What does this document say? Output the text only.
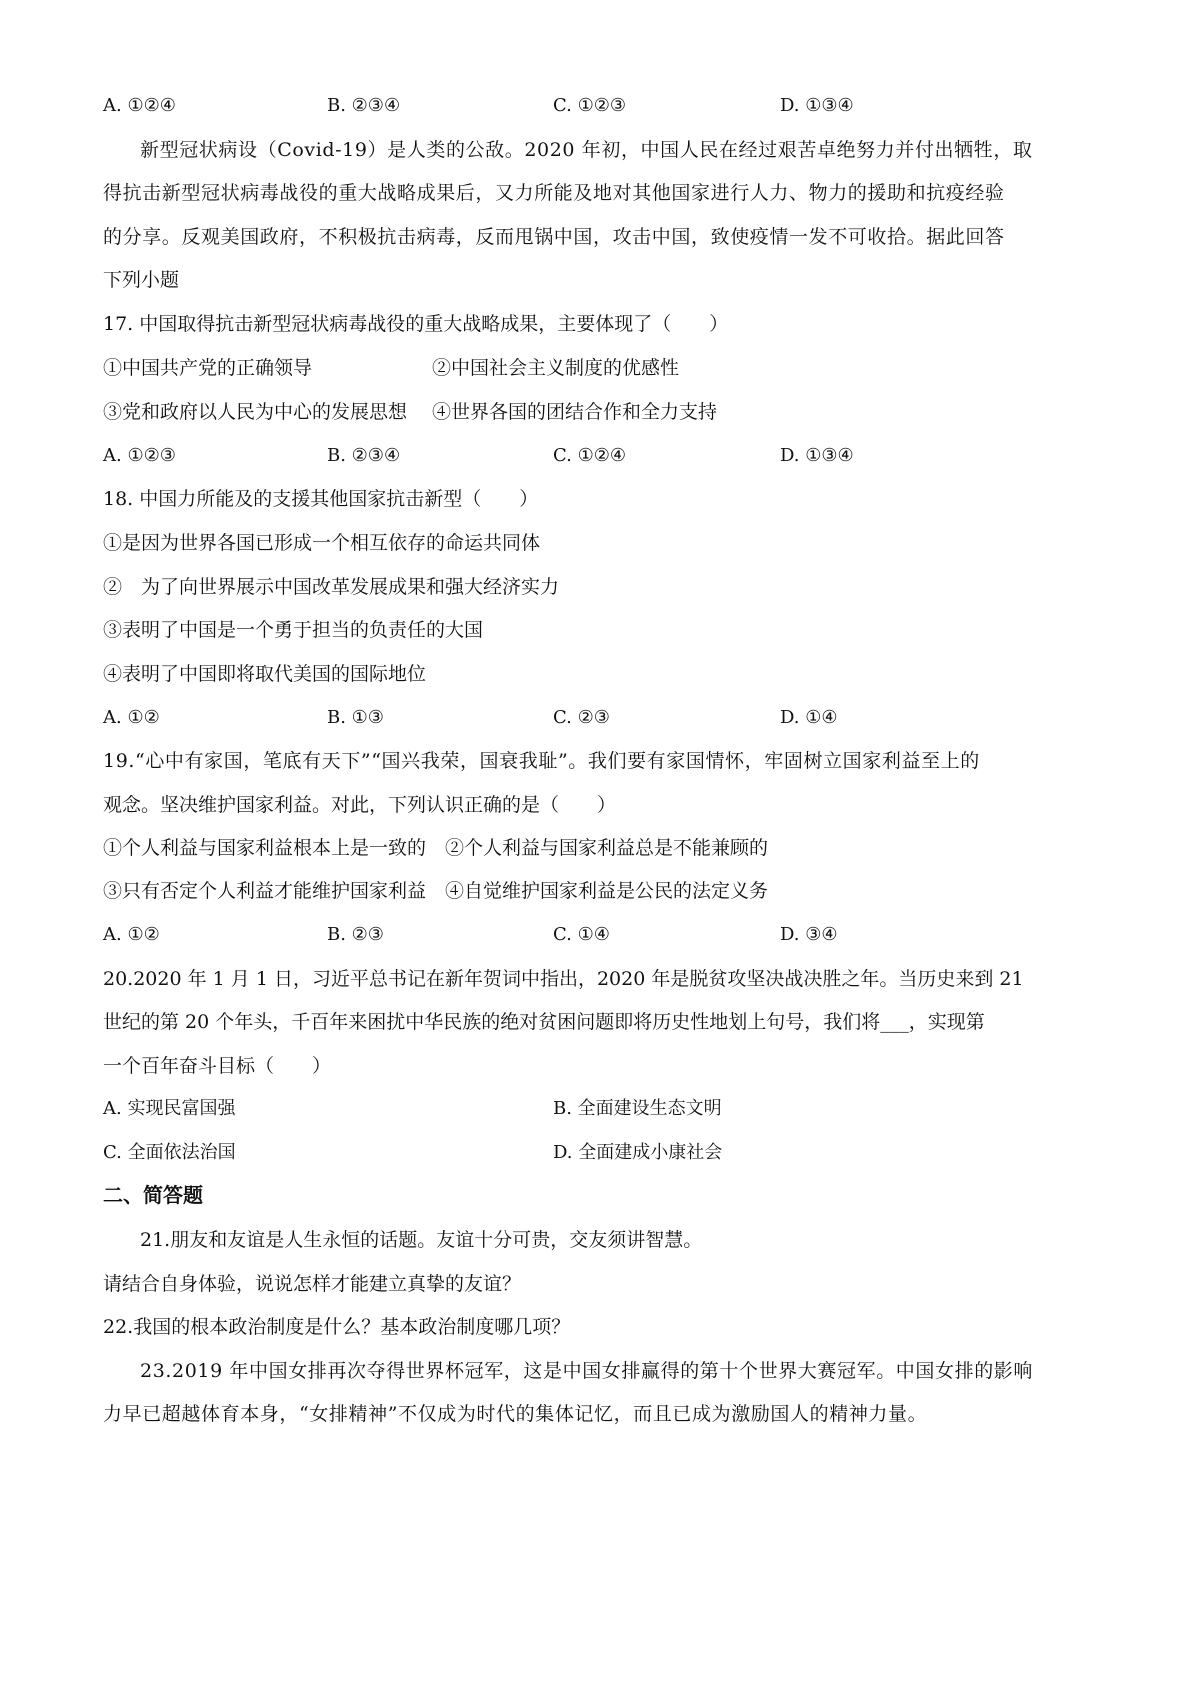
A. ①②④	B. ②③④	C. ①②③	D. ①③④
新型冠状病设（Covid-19）是人类的公敌。2020 年初，中国人民在经过艰苦卓绝努力并付出牺牲，取
得抗击新型冠状病毒战役的重大战略成果后，又力所能及地对其他国家进行人力、物力的援助和抗疫经验
的分享。反观美国政府，不积极抗击病毒，反而甩锅中国，攻击中国，致使疫情一发不可收拾。据此回答
下列小题
17. 中国取得抗击新型冠状病毒战役的重大战略成果，主要体现了（　　）
①中国共产党的正确领导	②中国社会主义制度的优感性
③党和政府以人民为中心的发展思想 ④世界各国的团结合作和全力支持
A. ①②③	B. ②③④	C. ①②④	D. ①③④
18. 中国力所能及的支援其他国家抗击新型（　　）
①是因为世界各国已形成一个相互依存的命运共同体
②　为了向世界展示中国改革发展成果和强大经济实力
③表明了中国是一个勇于担当的负责任的大国
④表明了中国即将取代美国的国际地位
A. ①②	B. ①③	C. ②③	D. ①④
19.“心中有家国，笔底有天下”“国兴我荣，国衰我耻”。我们要有家国情怀，牢固树立国家利益至上的
观念。坚决维护国家利益。对此，下列认识正确的是（　　）
①个人利益与国家利益根本上是一致的　②个人利益与国家利益总是不能兼顾的
③只有否定个人利益才能维护国家利益　④自觉维护国家利益是公民的法定义务
A. ①②	B. ②③	C. ①④	D. ③④
20.2020 年 1 月 1 日，习近平总书记在新年贺词中指出，2020 年是脱贫攻坚决战决胜之年。当历史来到 21
世纪的第 20 个年头，千百年来困扰中华民族的绝对贫困问题即将历史性地划上句号，我们将___，实现第
一个百年奋斗目标（　　）
A. 实现民富国强	B. 全面建设生态文明
C. 全面依法治国	D. 全面建成小康社会
二、简答题
21.朋友和友谊是人生永恒的话题。友谊十分可贵，交友须讲智慧。
请结合自身体验，说说怎样才能建立真挚的友谊？
22.我国的根本政治制度是什么？基本政治制度哪几项？
23.2019 年中国女排再次夺得世界杯冠军，这是中国女排赢得的第十个世界大赛冠军。中国女排的影响
力早已超越体育本身，“女排精神”不仅成为时代的集体记忆，而且已成为激励国人的精神力量。
